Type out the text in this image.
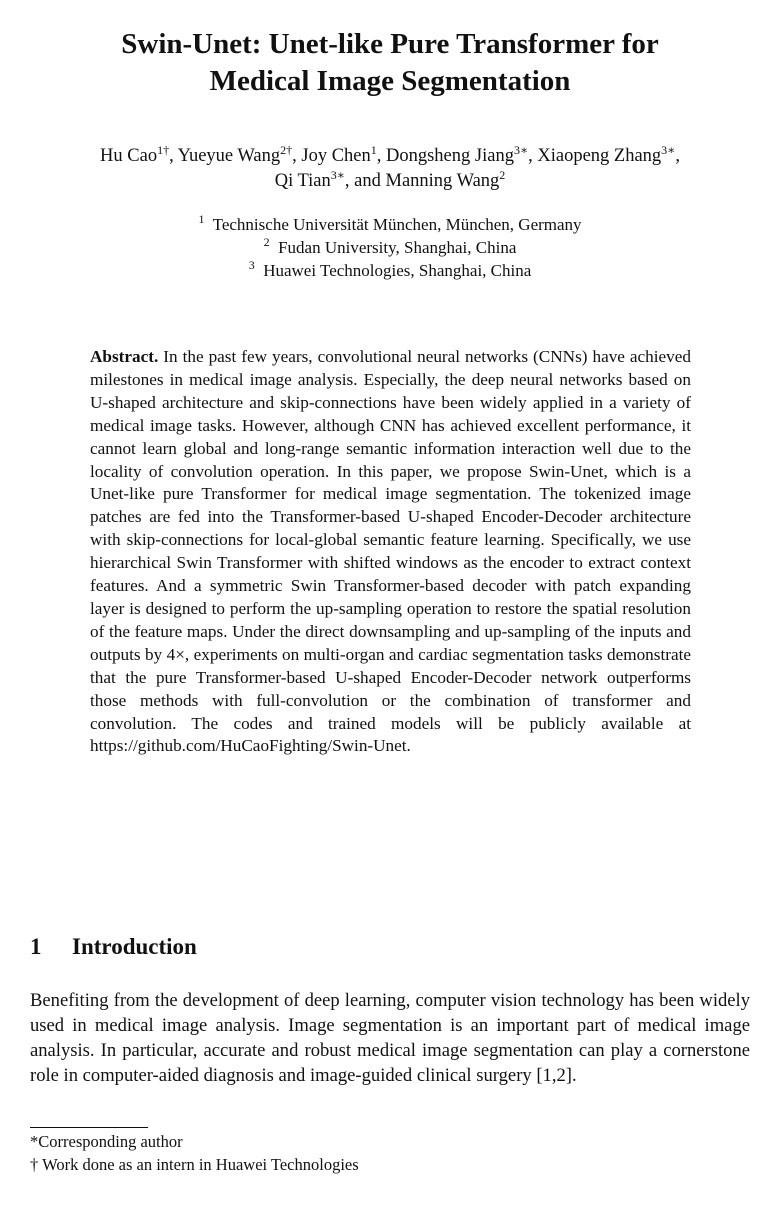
Swin-Unet: Unet-like Pure Transformer for
Medical Image Segmentation
Hu Cao$^{1\dagger}$, Yueyue Wang$^{2\dagger}$, Joy Chen$^1$, Dongsheng Jiang$^{3∗}$, Xiaopeng Zhang$^{3∗}$,
Qi Tian$^{3∗}$, and Manning Wang$^2$
$^1$ Technische Universität München, München, Germany
$^2$ Fudan University, Shanghai, China
$^3$ Huawei Technologies, Shanghai, China
Abstract. In the past few years, convolutional neural networks (CNNs) have achieved milestones in medical image analysis. Especially, the deep neural networks based on U-shaped architecture and skip-connections have been widely applied in a variety of medical image tasks. However, although CNN has achieved excellent performance, it cannot learn global and long-range semantic information interaction well due to the locality of convolution operation. In this paper, we propose Swin-Unet, which is a Unet-like pure Transformer for medical image segmentation. The tokenized image patches are fed into the Transformer-based U-shaped Encoder-Decoder architecture with skip-connections for local-global semantic feature learning. Specifically, we use hierarchical Swin Transformer with shifted windows as the encoder to extract context features. And a symmetric Swin Transformer-based decoder with patch expanding layer is designed to perform the up-sampling operation to restore the spatial resolution of the feature maps. Under the direct downsampling and up-sampling of the inputs and outputs by 4×, experiments on multi-organ and cardiac segmentation tasks demonstrate that the pure Transformer-based U-shaped Encoder-Decoder network outperforms those methods with full-convolution or the combination of transformer and convolution. The codes and trained models will be publicly available at https://github.com/HuCaoFighting/Swin-Unet.
1 Introduction
Benefiting from the development of deep learning, computer vision technology has been widely used in medical image analysis. Image segmentation is an important part of medical image analysis. In particular, accurate and robust medical image segmentation can play a cornerstone role in computer-aided diagnosis and image-guided clinical surgery [1,2].
*Corresponding author
† Work done as an intern in Huawei Technologies
